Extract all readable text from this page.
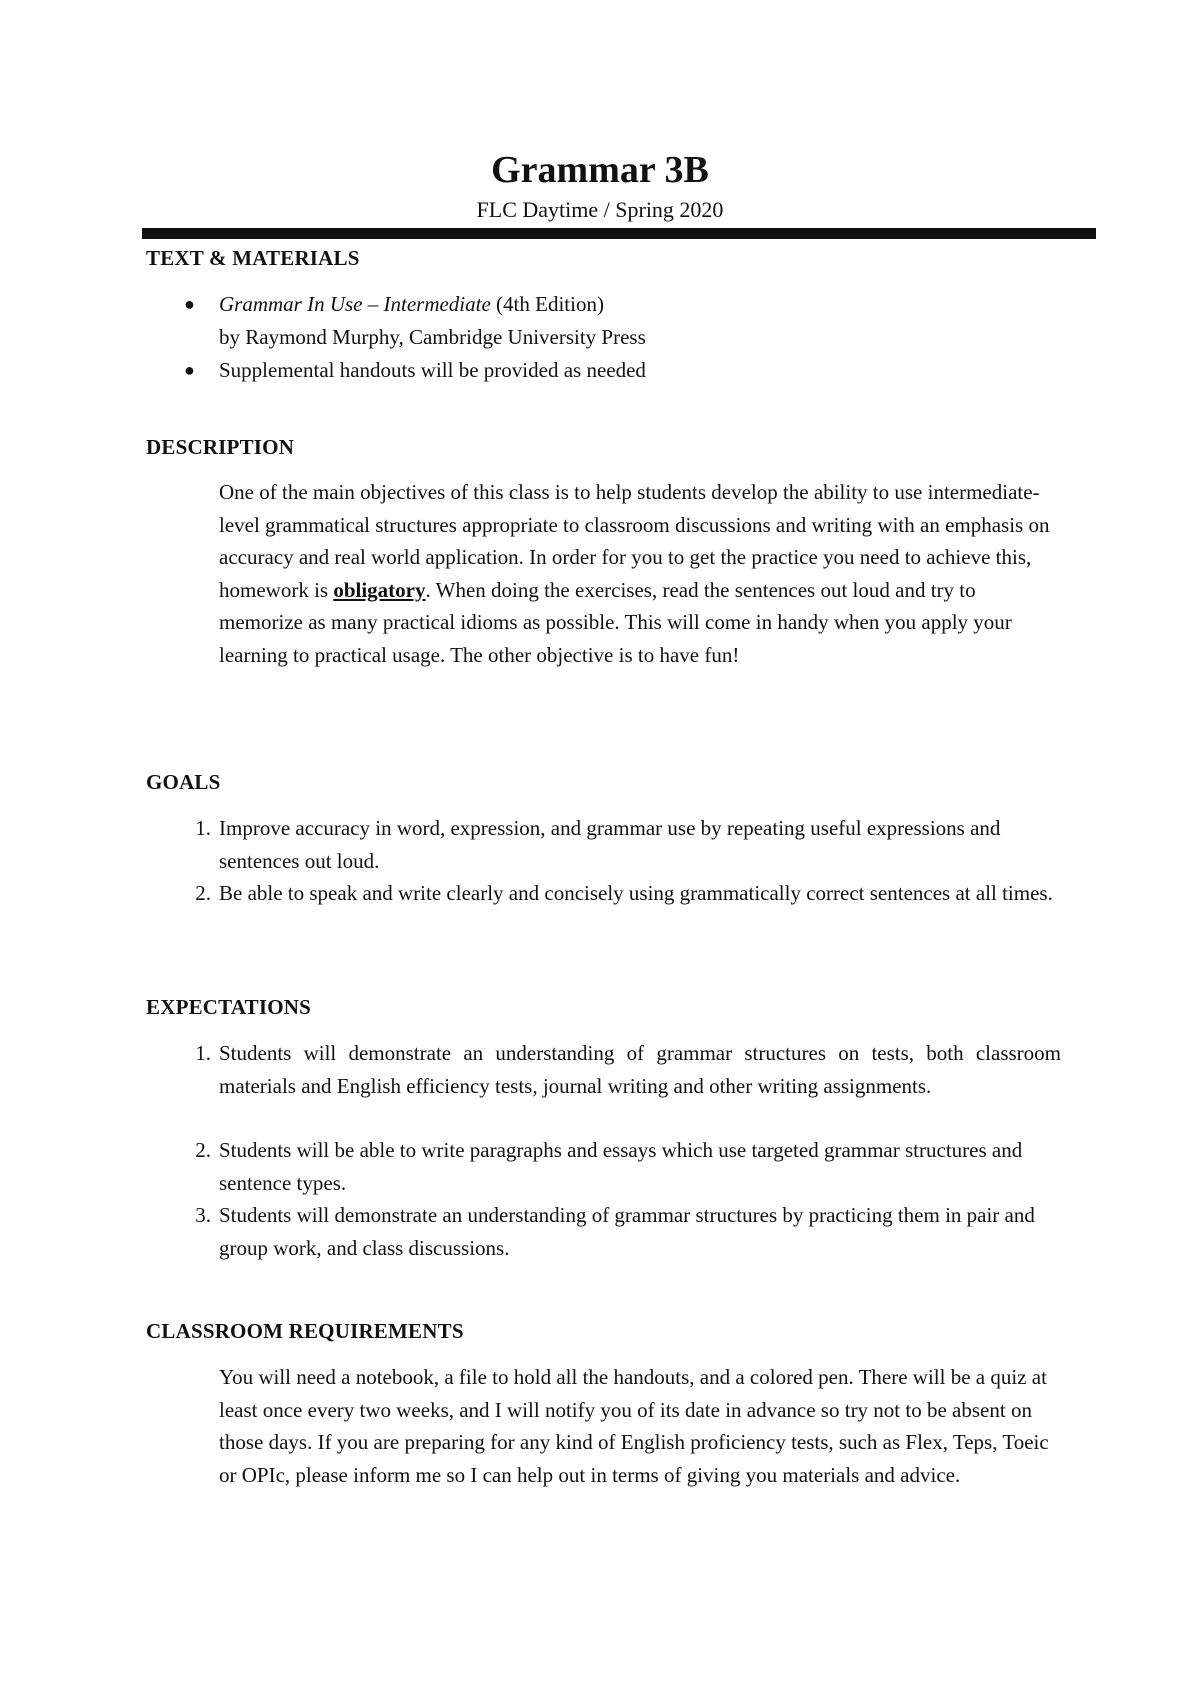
Grammar 3B
FLC Daytime / Spring 2020
TEXT & MATERIALS
● Grammar In Use – Intermediate (4th Edition)
by Raymond Murphy, Cambridge University Press
● Supplemental handouts will be provided as needed
DESCRIPTION

One of the main objectives of this class is to help students develop the ability to use intermediate-level grammatical structures appropriate to classroom discussions and writing with an emphasis on accuracy and real world application. In order for you to get the practice you need to achieve this, homework is obligatory. When doing the exercises, read the sentences out loud and try to memorize as many practical idioms as possible. This will come in handy when you apply your learning to practical usage. The other objective is to have fun!

GOALS
1. Improve accuracy in word, expression, and grammar use by repeating useful expressions and sentences out loud.
2. Be able to speak and write clearly and concisely using grammatically correct sentences at all times.
EXPECTATIONS
1. Students will demonstrate an understanding of grammar structures on tests, both classroom materials and English efficiency tests, journal writing and other writing assignments.
2. Students will be able to write paragraphs and essays which use targeted grammar structures and sentence types.
3. Students will demonstrate an understanding of grammar structures by practicing them in pair and group work, and class discussions.
CLASSROOM REQUIREMENTS

You will need a notebook, a file to hold all the handouts, and a colored pen. There will be a quiz at least once every two weeks, and I will notify you of its date in advance so try not to be absent on those days. If you are preparing for any kind of English proficiency tests, such as Flex, Teps, Toeic or OPIc, please inform me so I can help out in terms of giving you materials and advice.
